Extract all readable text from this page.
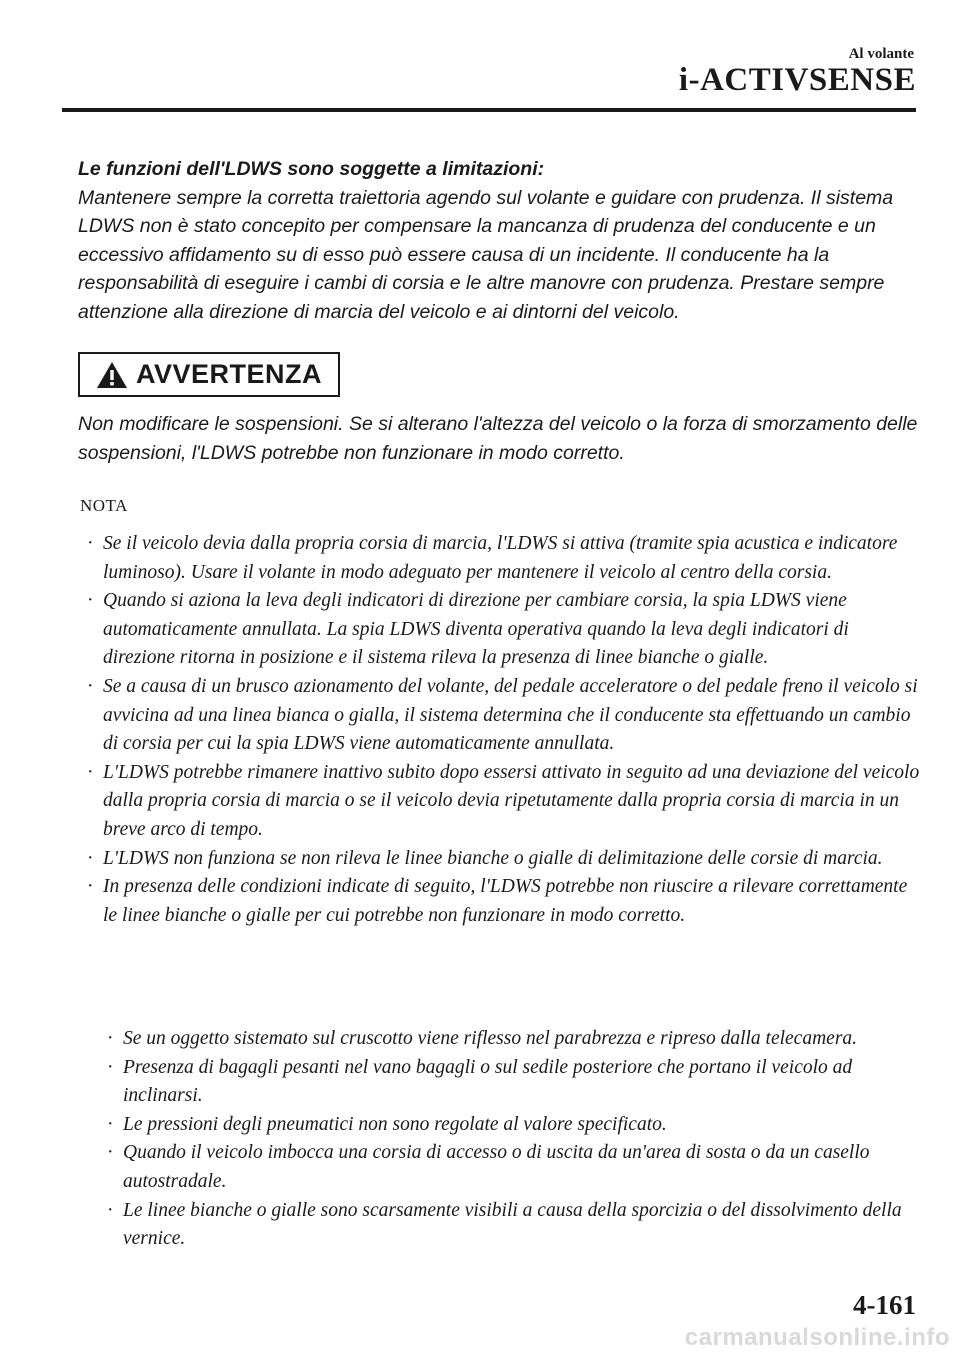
Al volante
i-ACTIVSENSE

Le funzioni dell'LDWS sono soggette a limitazioni:

Mantenere sempre la corretta traiettoria agendo sul volante e guidare con prudenza. Il sistema LDWS non è stato concepito per compensare la mancanza di prudenza del conducente e un eccessivo affidamento su di esso può essere causa di un incidente. Il conducente ha la responsabilità di eseguire i cambi di corsia e le altre manovre con prudenza. Prestare sempre attenzione alla direzione di marcia del veicolo e ai dintorni del veicolo.

AVVERTENZA

Non modificare le sospensioni. Se si alterano l'altezza del veicolo o la forza di smorzamento delle sospensioni, l'LDWS potrebbe non funzionare in modo corretto.

NOTA
· Se il veicolo devia dalla propria corsia di marcia, l'LDWS si attiva (tramite spia acustica e indicatore luminoso). Usare il volante in modo adeguato per mantenere il veicolo al centro della corsia.
· Quando si aziona la leva degli indicatori di direzione per cambiare corsia, la spia LDWS viene automaticamente annullata. La spia LDWS diventa operativa quando la leva degli indicatori di direzione ritorna in posizione e il sistema rileva la presenza di linee bianche o gialle.
· Se a causa di un brusco azionamento del volante, del pedale acceleratore o del pedale freno il veicolo si avvicina ad una linea bianca o gialla, il sistema determina che il conducente sta effettuando un cambio di corsia per cui la spia LDWS viene automaticamente annullata.
· L'LDWS potrebbe rimanere inattivo subito dopo essersi attivato in seguito ad una deviazione del veicolo dalla propria corsia di marcia o se il veicolo devia ripetutamente dalla propria corsia di marcia in un breve arco di tempo.
· L'LDWS non funziona se non rileva le linee bianche o gialle di delimitazione delle corsie di marcia.
· In presenza delle condizioni indicate di seguito, l'LDWS potrebbe non riuscire a rilevare correttamente le linee bianche o gialle per cui potrebbe non funzionare in modo corretto.
· Se un oggetto sistemato sul cruscotto viene riflesso nel parabrezza e ripreso dalla telecamera.
· Presenza di bagagli pesanti nel vano bagagli o sul sedile posteriore che portano il veicolo ad inclinarsi.
· Le pressioni degli pneumatici non sono regolate al valore specificato.
· Quando il veicolo imbocca una corsia di accesso o di uscita da un'area di sosta o da un casello autostradale.
· Le linee bianche o gialle sono scarsamente visibili a causa della sporcizia o del dissolvimento della vernice.
4-161
carmanualsonline.info
